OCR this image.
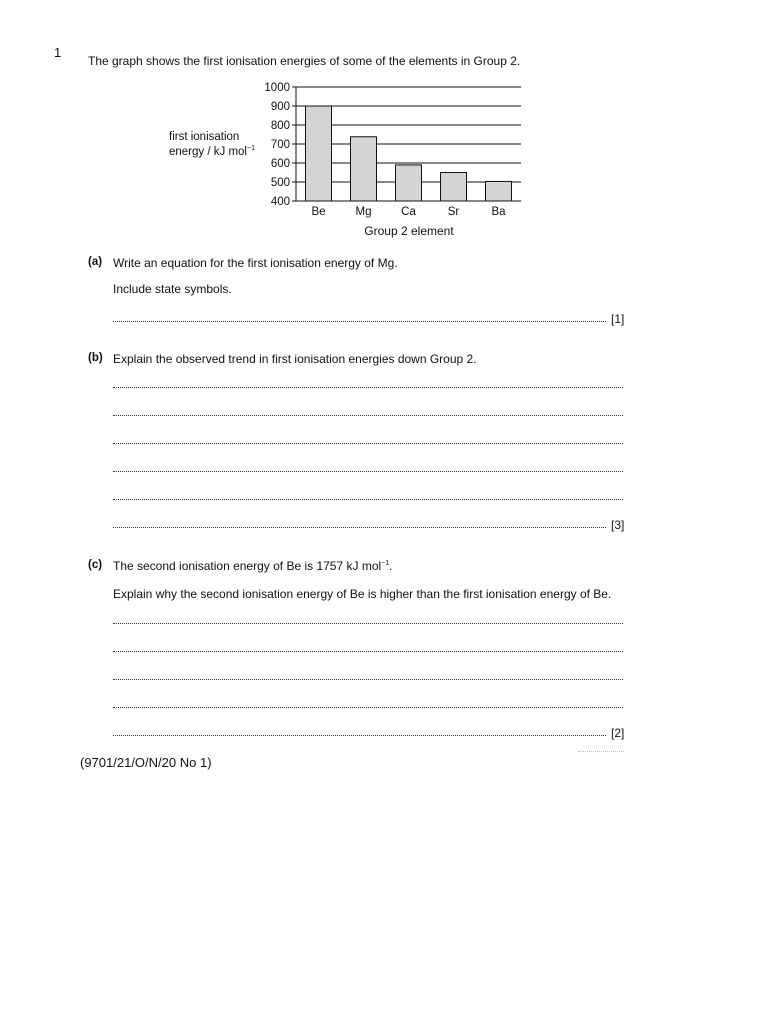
1
The graph shows the first ionisation energies of some of the elements in Group 2.
1000
900
800
700
600
500
400
Be	Mg	Ca	Sr	Ba
first ionisation
energy / kJ mol$^{-1}$
Group 2 element
(a) Write an equation for the first ionisation energy of Mg.
Include state symbols.
[1]
(b) Explain the observed trend in first ionisation energies down Group 2.
[3]
(c) The second ionisation energy of Be is 1757 kJ mol$^{-1}$.
Explain why the second ionisation energy of Be is higher than the first ionisation energy of Be.
[2]
(9701/21/O/N/20 No 1)
